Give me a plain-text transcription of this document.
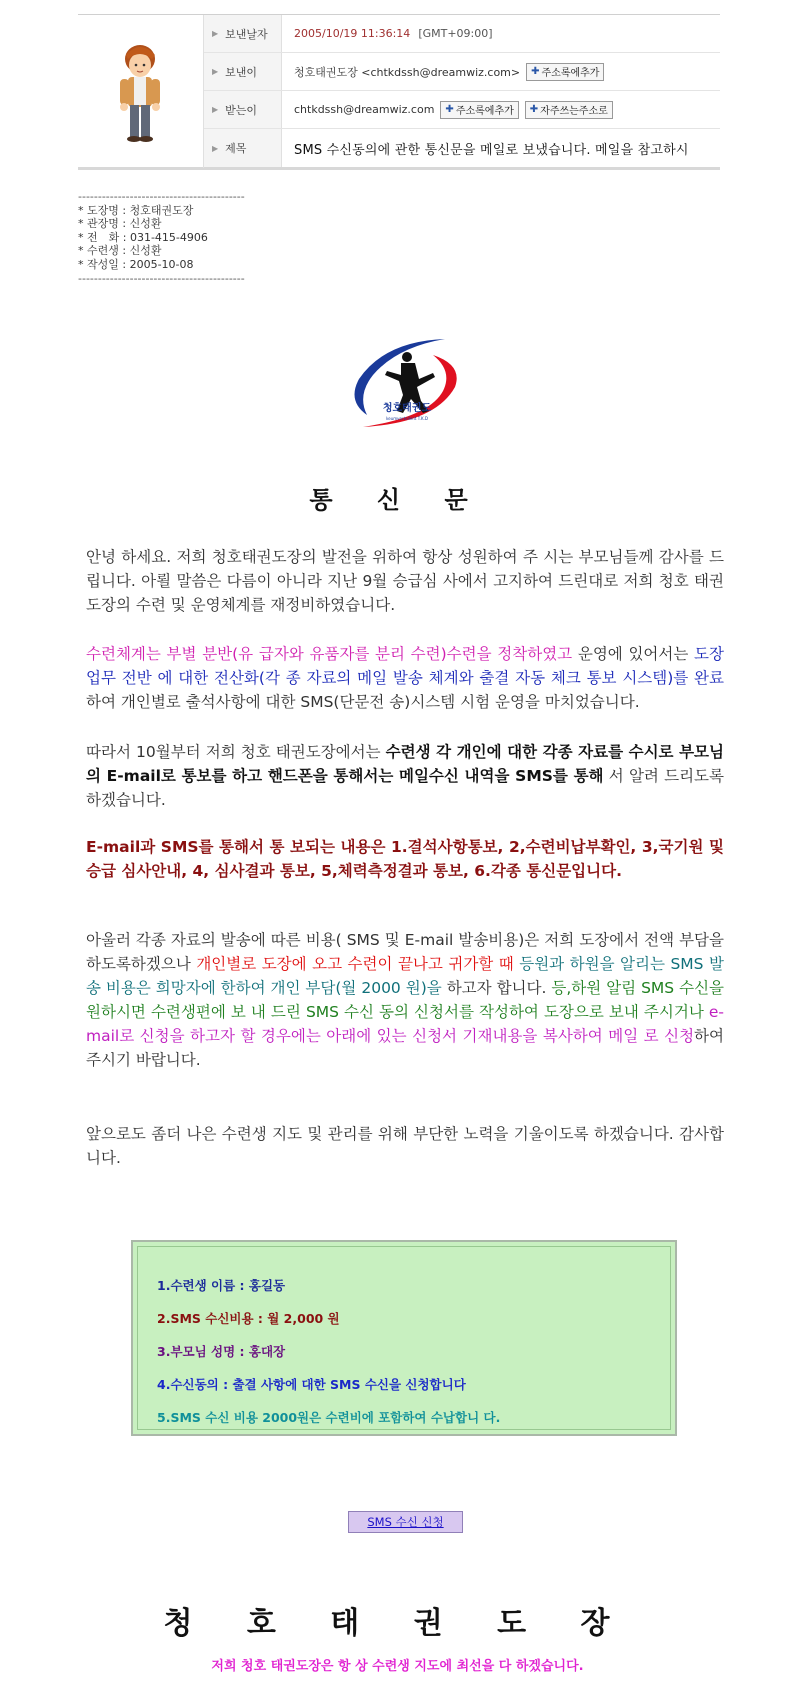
▶ 보낸날자 2005/10/19 11:36:14 [GMT+09:00]
▶ 보낸이	청호태권도장 <chtkdssh@dreamwiz.com> ✚ 주소록에추가
▶ 받는이	chtkdssh@dreamwiz.com ✚ 주소록에추가 ✚ 자주쓰는주소로
▶ 제목	SMS 수신동의에 관한 통신문을 메일로 보냈습니다. 메일을 참고하시
------------------------------------------
* 도장명 : 청호태권도장
* 관장명 : 신성환
* 전　화 : 031-415-4906
* 수련생 : 신성환
* 작성일 : 2005-10-08
------------------------------------------
청호태권도
keumverteilent T.K.D
통 신 문

안녕 하세요. 저희 청호태권도장의 발전을 위하여 항상 성원하여 주 시는 부모님들께 감사를 드립니다. 아뢸 말씀은 다름이 아니라 지난 9월 승급심 사에서 고지하여 드린대로 저희 청호 태권도장의 수련 및 운영체계를 재정비하였습니다.

수련체계는 부별 분반(유 급자와 유품자를 분리 수련)수련을 정착하였고 운영에 있어서는 도장 업무 전반 에 대한 전산화(각 종 자료의 메일 발송 체계와 출결 자동 체크 통보 시스템)를 완료 하여 개인별로 출석사항에 대한 SMS(단문전 송)시스템 시험 운영을 마치었습니다.

따라서 10월부터 저희 청호 태권도장에서는 수련생 각 개인에 대한 각종 자료를 수시로 부모님의 E-mail로 통보를 하고 핸드폰을 통해서는 메일수신 내역을 SMS를 통해 서 알려 드리도록 하겠습니다.

E-mail과 SMS를 통해서 통 보되는 내용은 1.결석사항통보, 2,수련비납부확인, 3,국기원 및 승급 심사안내, 4, 심사결과 통보, 5,체력측정결과 통보, 6.각종 통신문입니다.

아울러 각종 자료의 발송에 따른 비용( SMS 및 E-mail 발송비용)은 저희 도장에서 전액 부담을 하도록하겠으나 개인별로 도장에 오고 수련이 끝나고 귀가할 때 등원과 하원을 알리는 SMS 발송 비용은 희망자에 한하여 개인 부담(월 2000 원)을 하고자 합니다. 등,하원 알림 SMS 수신을 원하시면 수련생편에 보 내 드린 SMS 수신 동의 신청서를 작성하여 도장으로 보내 주시거나 e-mail로 신청을 하고자 할 경우에는 아래에 있는 신청서 기재내용을 복사하여 메일 로 신청하여 주시기 바랍니다.

앞으로도 좀더 나은 수련생 지도 및 관리를 위해 부단한 노력을 기울이도록 하겠습니다. 감사합니다.

1.수련생 이름 : 홍길동
2.SMS 수신비용 : 월 2,000 원
3.부모님 성명 : 홍대장
4.수신동의 : 출결 사항에 대한 SMS 수신을 신청합니다
5.SMS 수신 비용 2000원은 수련비에 포함하여 수납합니 다.
SMS 수신 신청
청 호 태 권 도 장
저희 청호 태권도장은 항 상 수련생 지도에 최선을 다 하겠습니다.
